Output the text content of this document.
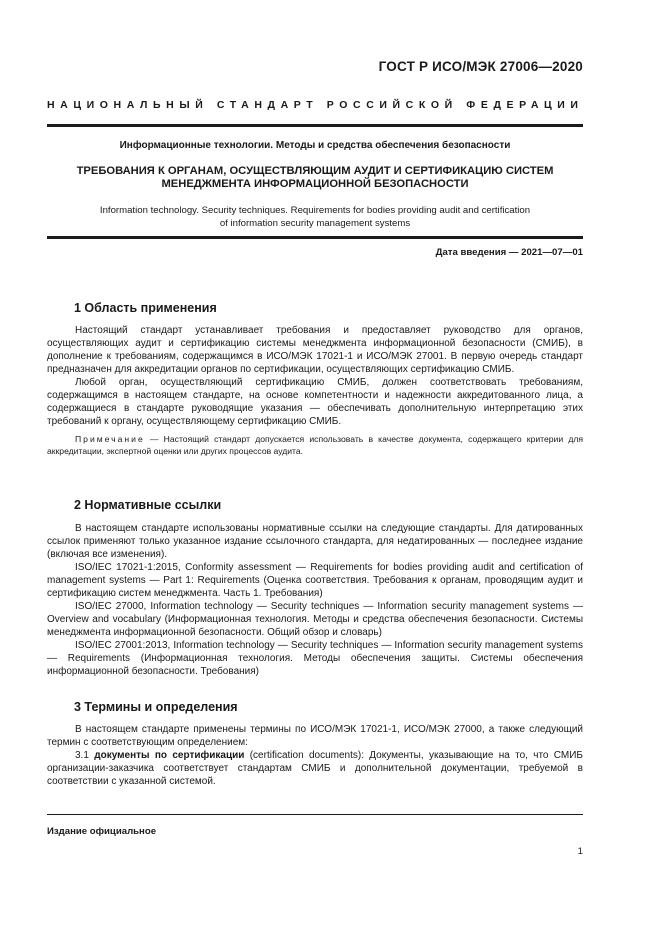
ГОСТ Р ИСО/МЭК 27006—2020
НАЦИОНАЛЬНЫЙ СТАНДАРТ РОССИЙСКОЙ ФЕДЕРАЦИИ
Информационные технологии. Методы и средства обеспечения безопасности
ТРЕБОВАНИЯ К ОРГАНАМ, ОСУЩЕСТВЛЯЮЩИМ АУДИТ И СЕРТИФИКАЦИЮ СИСТЕМ
МЕНЕДЖМЕНТА ИНФОРМАЦИОННОЙ БЕЗОПАСНОСТИ
Information technology. Security techniques. Requirements for bodies providing audit and certification
of information security management systems
Дата введения — 2021—07—01
1 Область применения

Настоящий стандарт устанавливает требования и предоставляет руководство для органов, осуществляющих аудит и сертификацию системы менеджмента информационной безопасности (СМИБ), в дополнение к требованиям, содержащимся в ИСО/МЭК 17021-1 и ИСО/МЭК 27001. В первую очередь стандарт предназначен для аккредитации органов по сертификации, осуществляющих сертификацию СМИБ.

Любой орган, осуществляющий сертификацию СМИБ, должен соответствовать требованиям, содержащимся в настоящем стандарте, на основе компетентности и надежности аккредитованного лица, а содержащиеся в стандарте руководящие указания — обеспечивать дополнительную интерпретацию этих требований к органу, осуществляющему сертификацию СМИБ.

Примечание — Настоящий стандарт допускается использовать в качестве документа, содержащего критерии для аккредитации, экспертной оценки или других процессов аудита.

2 Нормативные ссылки

В настоящем стандарте использованы нормативные ссылки на следующие стандарты. Для датированных ссылок применяют только указанное издание ссылочного стандарта, для недатированных — последнее издание (включая все изменения).

ISO/IEC 17021-1:2015, Conformity assessment — Requirements for bodies providing audit and certification of management systems — Part 1: Requirements (Оценка соответствия. Требования к органам, проводящим аудит и сертификацию систем менеджмента. Часть 1. Требования)

ISO/IEC 27000, Information technology — Security techniques — Information security management systems — Overview and vocabulary (Информационная технология. Методы и средства обеспечения безопасности. Системы менеджмента информационной безопасности. Общий обзор и словарь)

ISO/IEC 27001:2013, Information technology — Security techniques — Information security management systems — Requirements (Информационная технология. Методы обеспечения защиты. Системы обеспечения информационной безопасности. Требования)

3 Термины и определения

В настоящем стандарте применены термины по ИСО/МЭК 17021-1, ИСО/МЭК 27000, а также следующий термин с соответствующим определением:

3.1 документы по сертификации (certification documents): Документы, указывающие на то, что СМИБ организации-заказчика соответствует стандартам СМИБ и дополнительной документации, требуемой в соответствии с указанной системой.

Издание официальное
1
